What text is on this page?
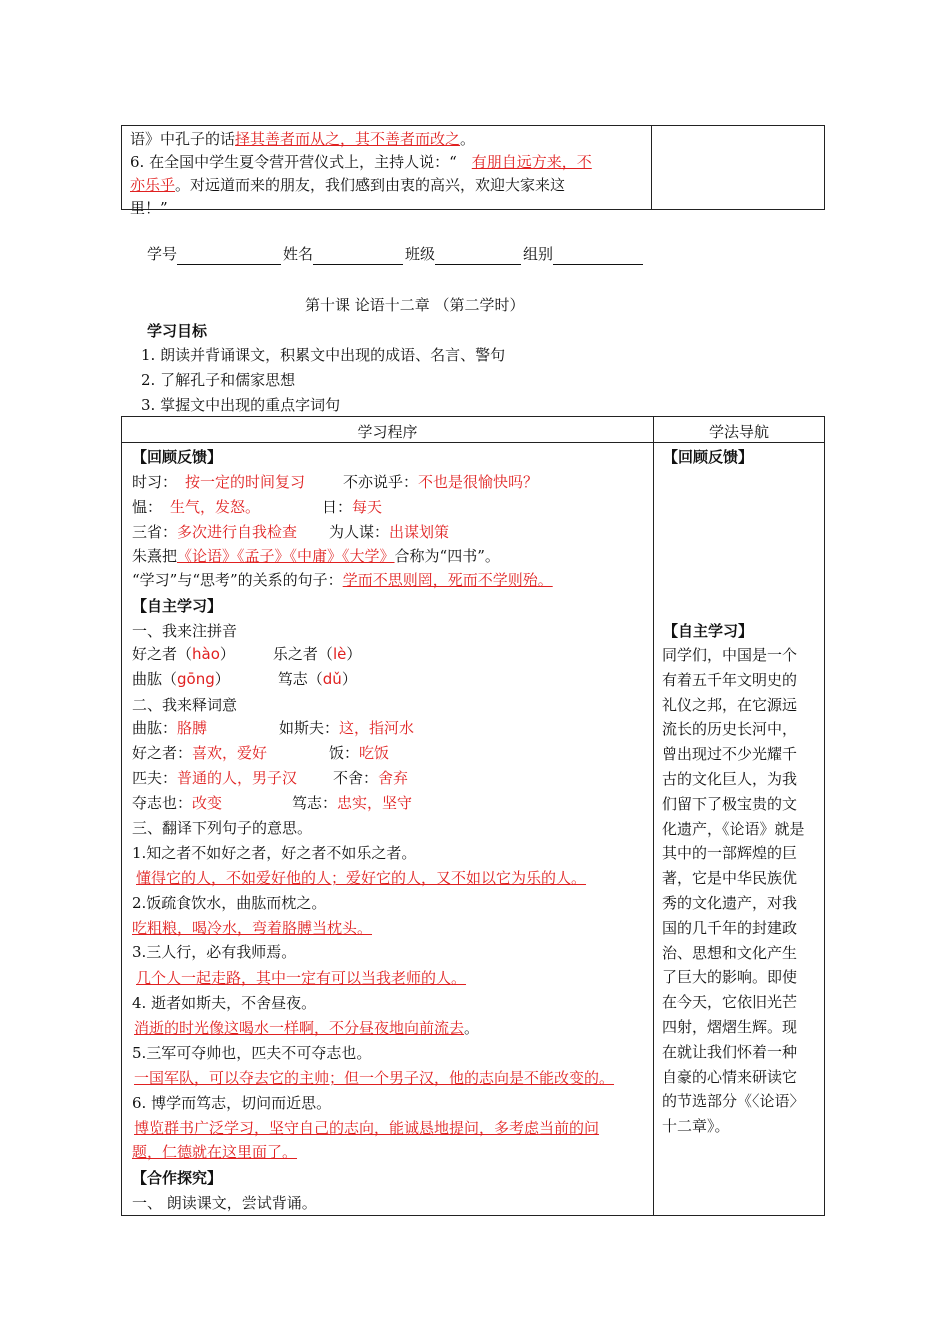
语》中孔子的话择其善者而从之，其不善者而改之。
6. 在全国中学生夏令营开营仪式上，主持人说：“　有朋自远方来，不
亦乐乎。对远道而来的朋友，我们感到由衷的高兴，欢迎大家来这
里！”
学号	姓名	班级	组别
第十课 论语十二章 （第二学时）
学习目标
1. 朗读并背诵课文，积累文中出现的成语、名言、警句
2. 了解孔子和儒家思想
3. 掌握文中出现的重点字词句
学习程序	学法导航
【回顾反馈】
时习： 按一定的时间复习	不亦说乎：不也是很愉快吗？
愠： 生气，发怒。	日：每天
三省：多次进行自我检查 为人谋：出谋划策
朱熹把《论语》《孟子》《中庸》《大学》合称为“四书”。
“学习”与“思考”的关系的句子：学而不思则罔，死而不学则殆。
【自主学习】
一、我来注拼音
好之者（hào）	乐之者（lè）
曲肱（gōng）	笃志（dǔ）
二、我来释词意
曲肱：胳膊	如斯夫：这，指河水
好之者：喜欢，爱好	饭：吃饭
匹夫：普通的人，男子汉 不舍：舍弃
夺志也：改变	笃志：忠实，坚守
三、翻译下列句子的意思。
1.知之者不如好之者，好之者不如乐之者。
懂得它的人，不如爱好他的人；爱好它的人，又不如以它为乐的人。
2.饭疏食饮水，曲肱而枕之。
吃粗粮，喝冷水，弯着胳膊当枕头。
3.三人行，必有我师焉。
几个人一起走路，其中一定有可以当我老师的人。
4. 逝者如斯夫，不舍昼夜。
消逝的时光像这喝水一样啊，不分昼夜地向前流去。
5.三军可夺帅也，匹夫不可夺志也。
一国军队，可以夺去它的主帅；但一个男子汉，他的志向是不能改变的。
6. 博学而笃志，切问而近思。
博览群书广泛学习，坚守自己的志向，能诚恳地提问，多考虑当前的问
题，仁德就在这里面了。
【合作探究】
一、 朗读课文，尝试背诵。
【回顾反馈】
【自主学习】
同学们，中国是一个
有着五千年文明史的
礼仪之邦，在它源远
流长的历史长河中，
曾出现过不少光耀千
古的文化巨人，为我
们留下了极宝贵的文
化遗产，《论语》就是
其中的一部辉煌的巨
著，它是中华民族优
秀的文化遗产，对我
国的几千年的封建政
治、思想和文化产生
了巨大的影响。即使
在今天，它依旧光芒
四射，熠熠生辉。现
在就让我们怀着一种
自豪的心情来研读它
的节选部分《〈论语〉
十二章》。
